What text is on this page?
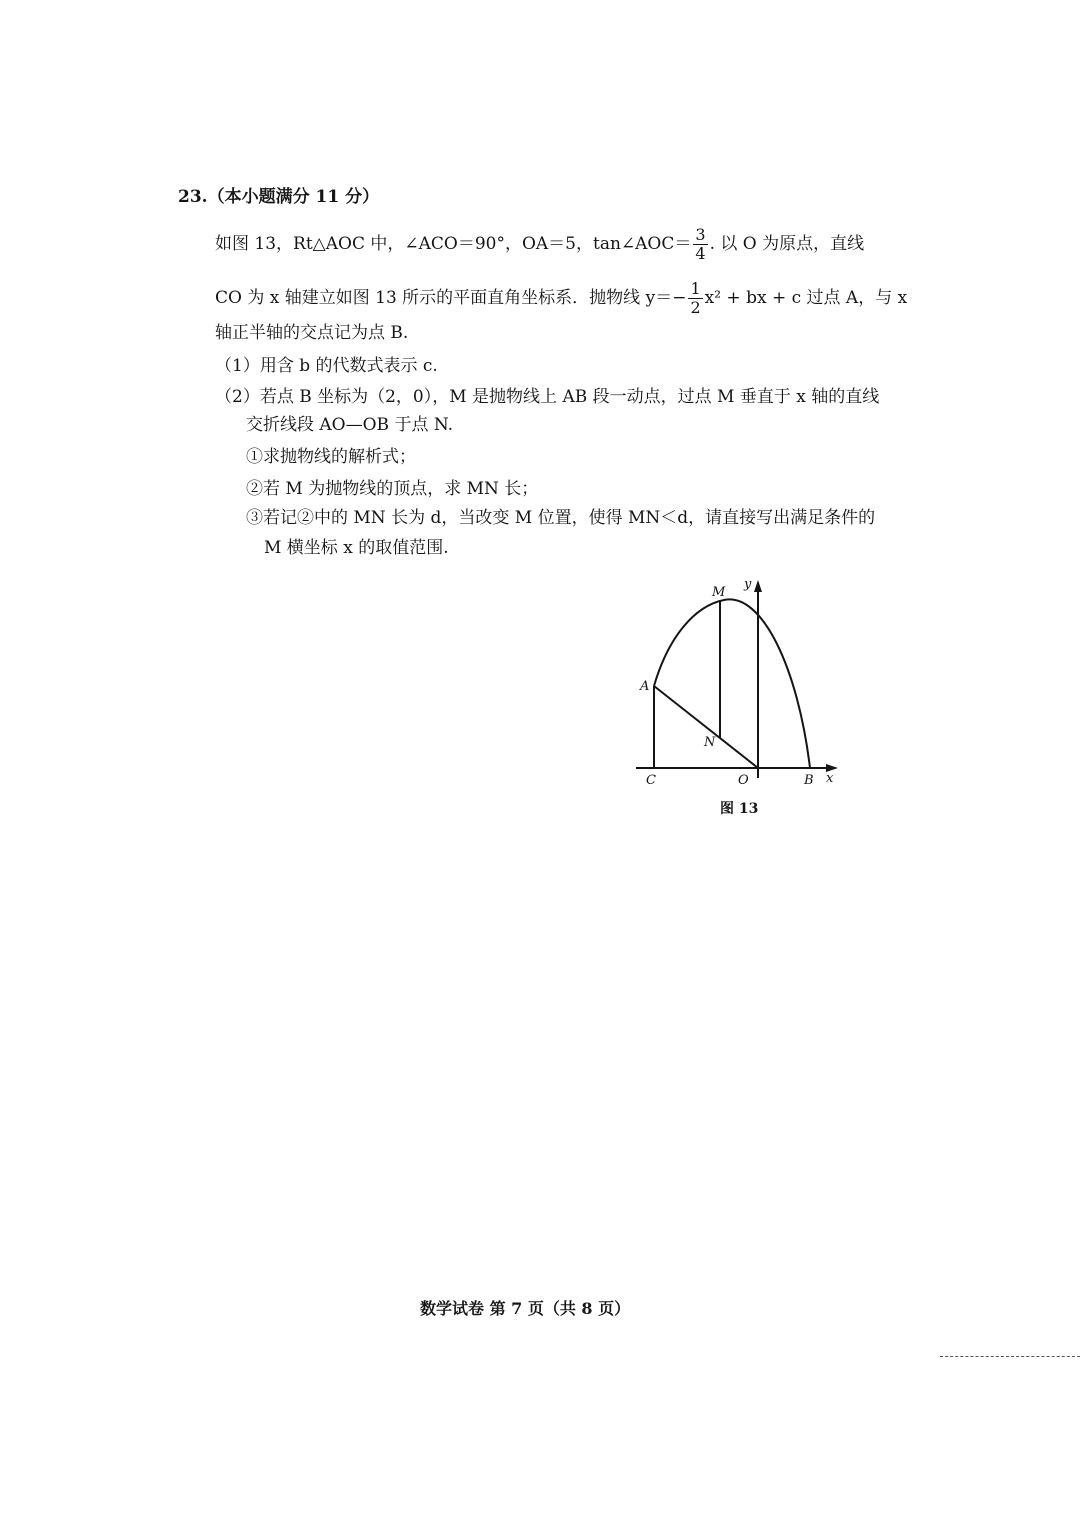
23.（本小题满分 11 分）
如图 13，Rt△AOC 中，∠ACO＝90°，OA＝5，tan∠AOC＝ $\frac{3}{4}$ . 以 O 为原点，直线
CO 为 x 轴建立如图 13 所示的平面直角坐标系．抛物线 $y=- \frac{1}{2} x^2$ + bx + c 过点 A，与 x
轴正半轴的交点记为点 B.
（1）用含 b 的代数式表示 c.
（2）若点 B 坐标为（2，0），M 是抛物线上 AB 段一动点，过点 M 垂直于 x 轴的直线
交折线段 AO—OB 于点 N.
①求抛物线的解析式；
②若 M 为抛物线的顶点，求 MN 长；
③若记②中的 MN 长为 d，当改变 M 位置，使得 MN＜d，请直接写出满足条件的
M 横坐标 x 的取值范围.
M
y
A
N
C	O	B x
图 13
数学试卷 第 7 页（共 8 页）
